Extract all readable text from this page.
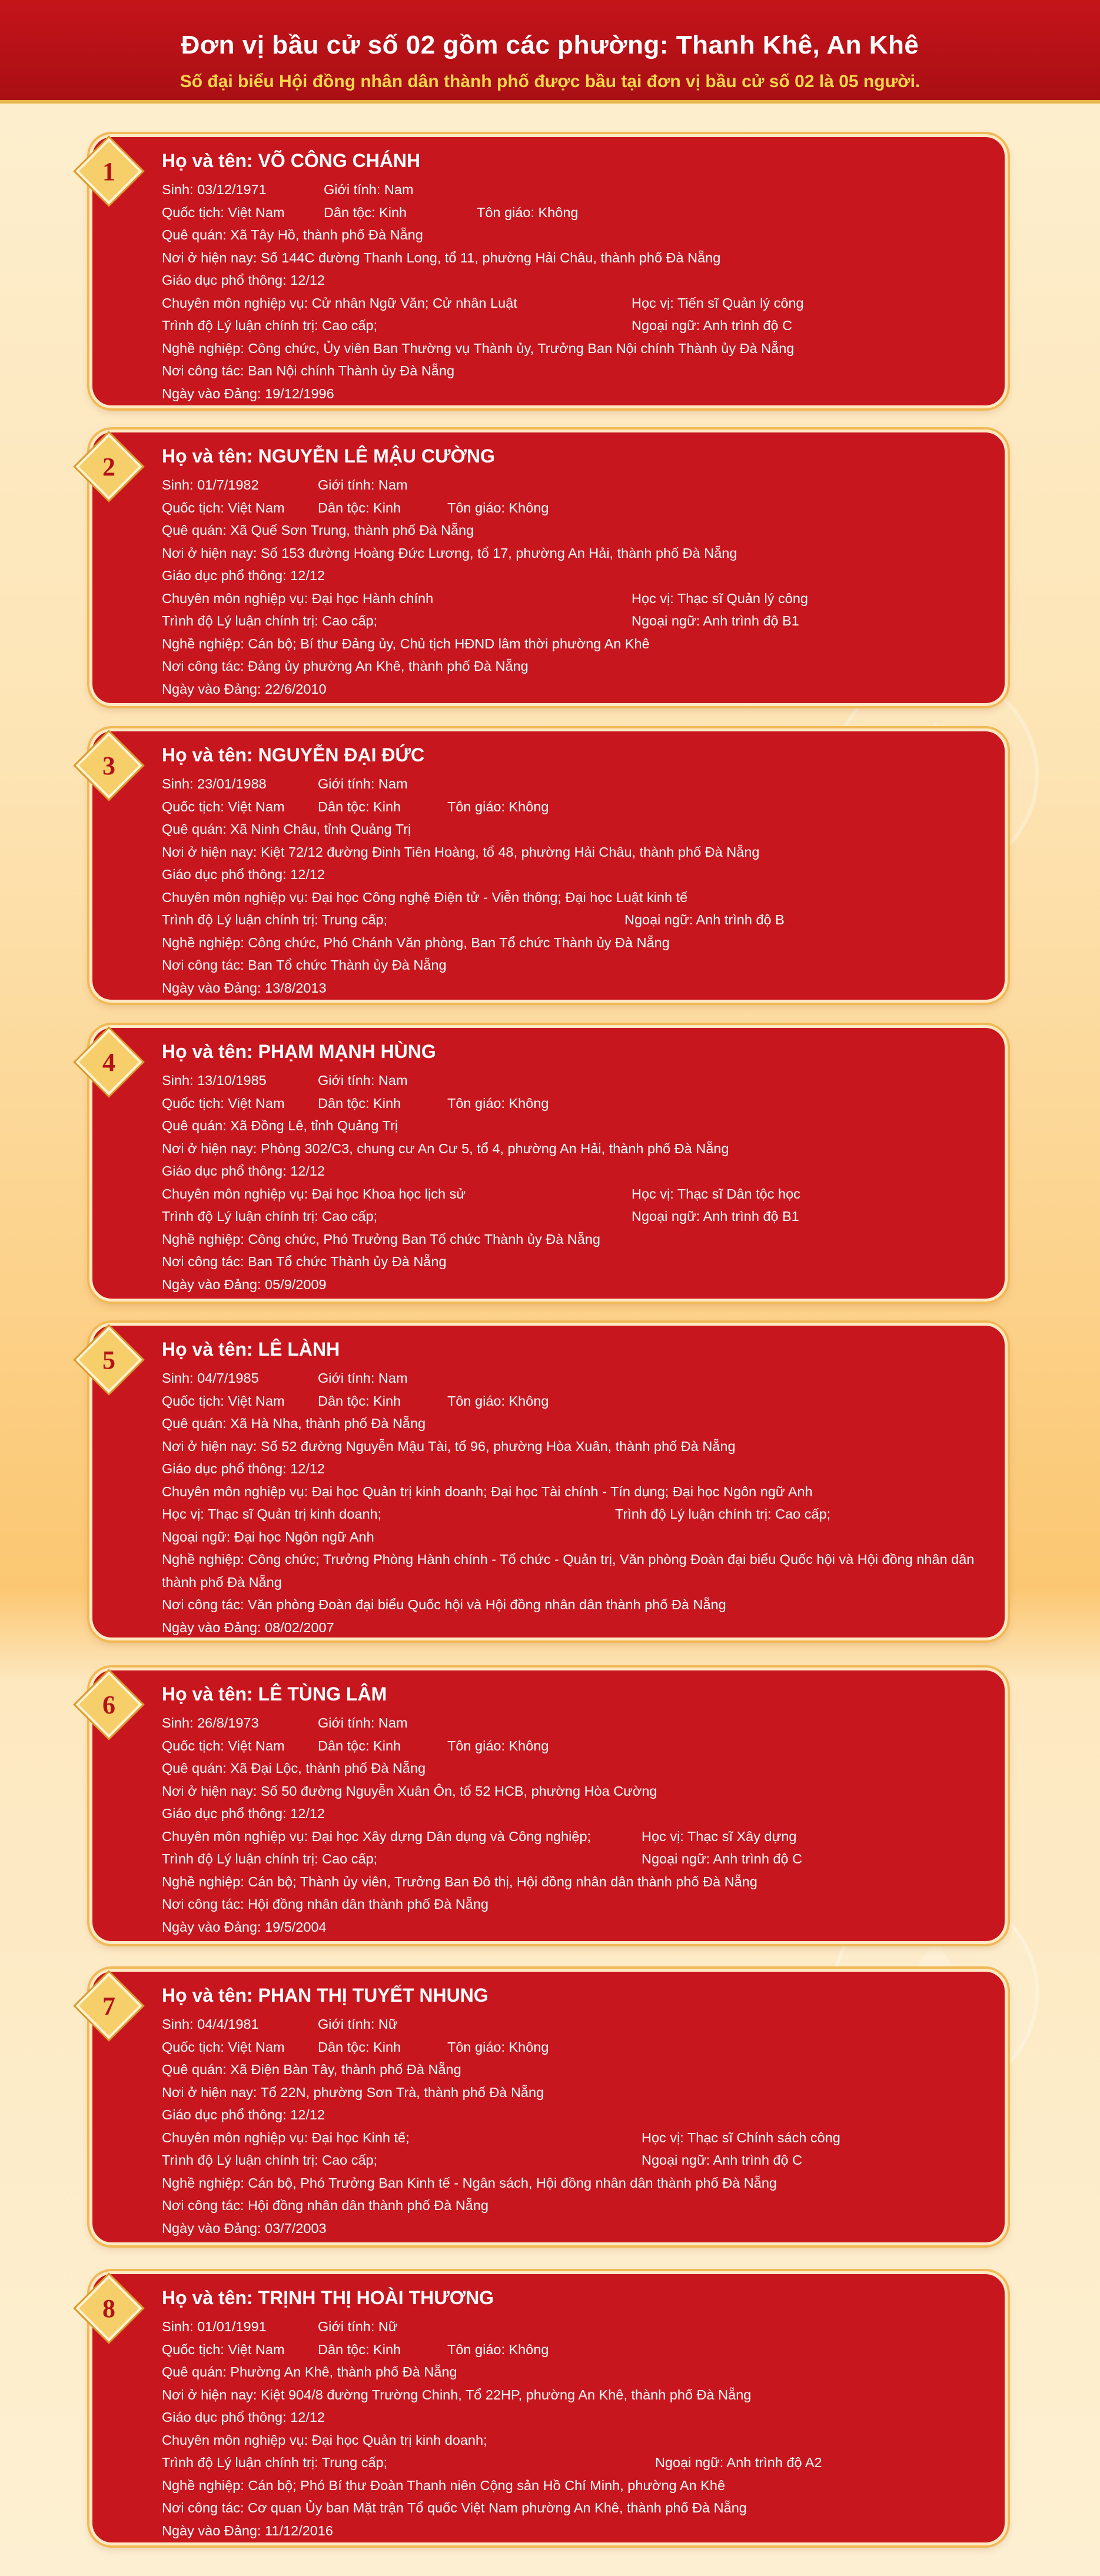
Đơn vị bầu cử số 02 gồm các phường: Thanh Khê, An Khê
Số đại biểu Hội đồng nhân dân thành phố được bầu tại đơn vị bầu cử số 02 là 05 người.
1	Họ và tên: VÕ CÔNG CHÁNH
Sinh: 03/12/1971	Giới tính: Nam
Quốc tịch: Việt Nam	Dân tộc: Kinh	Tôn giáo: Không
Quê quán: Xã Tây Hồ, thành phố Đà Nẵng
Nơi ở hiện nay: Số 144C đường Thanh Long, tổ 11, phường Hải Châu, thành phố Đà Nẵng
Giáo dục phổ thông: 12/12
Chuyên môn nghiệp vụ: Cử nhân Ngữ Văn; Cử nhân Luật	Học vị: Tiến sĩ Quản lý công
Trình độ Lý luận chính trị: Cao cấp;	Ngoại ngữ: Anh trình độ C
Nghề nghiệp: Công chức, Ủy viên Ban Thường vụ Thành ủy, Trưởng Ban Nội chính Thành ủy Đà Nẵng
Nơi công tác: Ban Nội chính Thành ủy Đà Nẵng
Ngày vào Đảng: 19/12/1996
2	Họ và tên: NGUYỄN LÊ MẬU CƯỜNG
Sinh: 01/7/1982	Giới tính: Nam
Quốc tịch: Việt Nam Dân tộc: Kinh	Tôn giáo: Không
Quê quán: Xã Quế Sơn Trung, thành phố Đà Nẵng
Nơi ở hiện nay: Số 153 đường Hoàng Đức Lương, tổ 17, phường An Hải, thành phố Đà Nẵng
Giáo dục phổ thông: 12/12
Chuyên môn nghiệp vụ: Đại học Hành chính	Học vị: Thạc sĩ Quản lý công
Trình độ Lý luận chính trị: Cao cấp;	Ngoại ngữ: Anh trình độ B1
Nghề nghiệp: Cán bộ; Bí thư Đảng ủy, Chủ tịch HĐND lâm thời phường An Khê
Nơi công tác: Đảng ủy phường An Khê, thành phố Đà Nẵng
Ngày vào Đảng: 22/6/2010
3	Họ và tên: NGUYỄN ĐẠI ĐỨC
Sinh: 23/01/1988	Giới tính: Nam
Quốc tịch: Việt Nam Dân tộc: Kinh	Tôn giáo: Không
Quê quán: Xã Ninh Châu, tỉnh Quảng Trị
Nơi ở hiện nay: Kiệt 72/12 đường Đinh Tiên Hoàng, tổ 48, phường Hải Châu, thành phố Đà Nẵng
Giáo dục phổ thông: 12/12
Chuyên môn nghiệp vụ: Đại học Công nghệ Điện tử - Viễn thông; Đại học Luật kinh tế
Trình độ Lý luận chính trị: Trung cấp;	Ngoại ngữ: Anh trình độ B
Nghề nghiệp: Công chức, Phó Chánh Văn phòng, Ban Tổ chức Thành ủy Đà Nẵng
Nơi công tác: Ban Tổ chức Thành ủy Đà Nẵng
Ngày vào Đảng: 13/8/2013
4	Họ và tên: PHẠM MẠNH HÙNG
Sinh: 13/10/1985	Giới tính: Nam
Quốc tịch: Việt Nam Dân tộc: Kinh	Tôn giáo: Không
Quê quán: Xã Đồng Lê, tỉnh Quảng Trị
Nơi ở hiện nay: Phòng 302/C3, chung cư An Cư 5, tổ 4, phường An Hải, thành phố Đà Nẵng
Giáo dục phổ thông: 12/12
Chuyên môn nghiệp vụ: Đại học Khoa học lịch sử	Học vị: Thạc sĩ Dân tộc học
Trình độ Lý luận chính trị: Cao cấp;	Ngoại ngữ: Anh trình độ B1
Nghề nghiệp: Công chức, Phó Trưởng Ban Tổ chức Thành ủy Đà Nẵng
Nơi công tác: Ban Tổ chức Thành ủy Đà Nẵng
Ngày vào Đảng: 05/9/2009
5	Họ và tên: LÊ LÀNH
Sinh: 04/7/1985	Giới tính: Nam
Quốc tịch: Việt Nam Dân tộc: Kinh	Tôn giáo: Không
Quê quán: Xã Hà Nha, thành phố Đà Nẵng
Nơi ở hiện nay: Số 52 đường Nguyễn Mậu Tài, tổ 96, phường Hòa Xuân, thành phố Đà Nẵng
Giáo dục phổ thông: 12/12
Chuyên môn nghiệp vụ: Đại học Quản trị kinh doanh; Đại học Tài chính - Tín dụng; Đại học Ngôn ngữ Anh
Học vị: Thạc sĩ Quản trị kinh doanh;	Trình độ Lý luận chính trị: Cao cấp;
Ngoại ngữ: Đại học Ngôn ngữ Anh
Nghề nghiệp: Công chức; Trưởng Phòng Hành chính - Tổ chức - Quản trị, Văn phòng Đoàn đại biểu Quốc hội và Hội đồng nhân dân thành phố Đà Nẵng
Nơi công tác: Văn phòng Đoàn đại biểu Quốc hội và Hội đồng nhân dân thành phố Đà Nẵng
Ngày vào Đảng: 08/02/2007
6	Họ và tên: LÊ TÙNG LÂM
Sinh: 26/8/1973	Giới tính: Nam
Quốc tịch: Việt Nam Dân tộc: Kinh	Tôn giáo: Không
Quê quán: Xã Đại Lộc, thành phố Đà Nẵng
Nơi ở hiện nay: Số 50 đường Nguyễn Xuân Ôn, tổ 52 HCB, phường Hòa Cường
Giáo dục phổ thông: 12/12
Chuyên môn nghiệp vụ: Đại học Xây dựng Dân dụng và Công nghiệp;	Học vị: Thạc sĩ Xây dựng
Trình độ Lý luận chính trị: Cao cấp;	Ngoại ngữ: Anh trình độ C
Nghề nghiệp: Cán bộ; Thành ủy viên, Trưởng Ban Đô thị, Hội đồng nhân dân thành phố Đà Nẵng
Nơi công tác: Hội đồng nhân dân thành phố Đà Nẵng
Ngày vào Đảng: 19/5/2004
7	Họ và tên: PHAN THỊ TUYẾT NHUNG
Sinh: 04/4/1981	Giới tính: Nữ
Quốc tịch: Việt Nam Dân tộc: Kinh	Tôn giáo: Không
Quê quán: Xã Điện Bàn Tây, thành phố Đà Nẵng
Nơi ở hiện nay: Tổ 22N, phường Sơn Trà, thành phố Đà Nẵng
Giáo dục phổ thông: 12/12
Chuyên môn nghiệp vụ: Đại học Kinh tế;	Học vị: Thạc sĩ Chính sách công
Trình độ Lý luận chính trị: Cao cấp;	Ngoại ngữ: Anh trình độ C
Nghề nghiệp: Cán bộ, Phó Trưởng Ban Kinh tế - Ngân sách, Hội đồng nhân dân thành phố Đà Nẵng
Nơi công tác: Hội đồng nhân dân thành phố Đà Nẵng
Ngày vào Đảng: 03/7/2003
8	Họ và tên: TRỊNH THỊ HOÀI THƯƠNG
Sinh: 01/01/1991	Giới tính: Nữ
Quốc tịch: Việt Nam Dân tộc: Kinh	Tôn giáo: Không
Quê quán: Phường An Khê, thành phố Đà Nẵng
Nơi ở hiện nay: Kiệt 904/8 đường Trường Chinh, Tổ 22HP, phường An Khê, thành phố Đà Nẵng
Giáo dục phổ thông: 12/12
Chuyên môn nghiệp vụ: Đại học Quản trị kinh doanh;
Trình độ Lý luận chính trị: Trung cấp;	Ngoại ngữ: Anh trình độ A2
Nghề nghiệp: Cán bộ; Phó Bí thư Đoàn Thanh niên Cộng sản Hồ Chí Minh, phường An Khê
Nơi công tác: Cơ quan Ủy ban Mặt trận Tổ quốc Việt Nam phường An Khê, thành phố Đà Nẵng
Ngày vào Đảng: 11/12/2016
